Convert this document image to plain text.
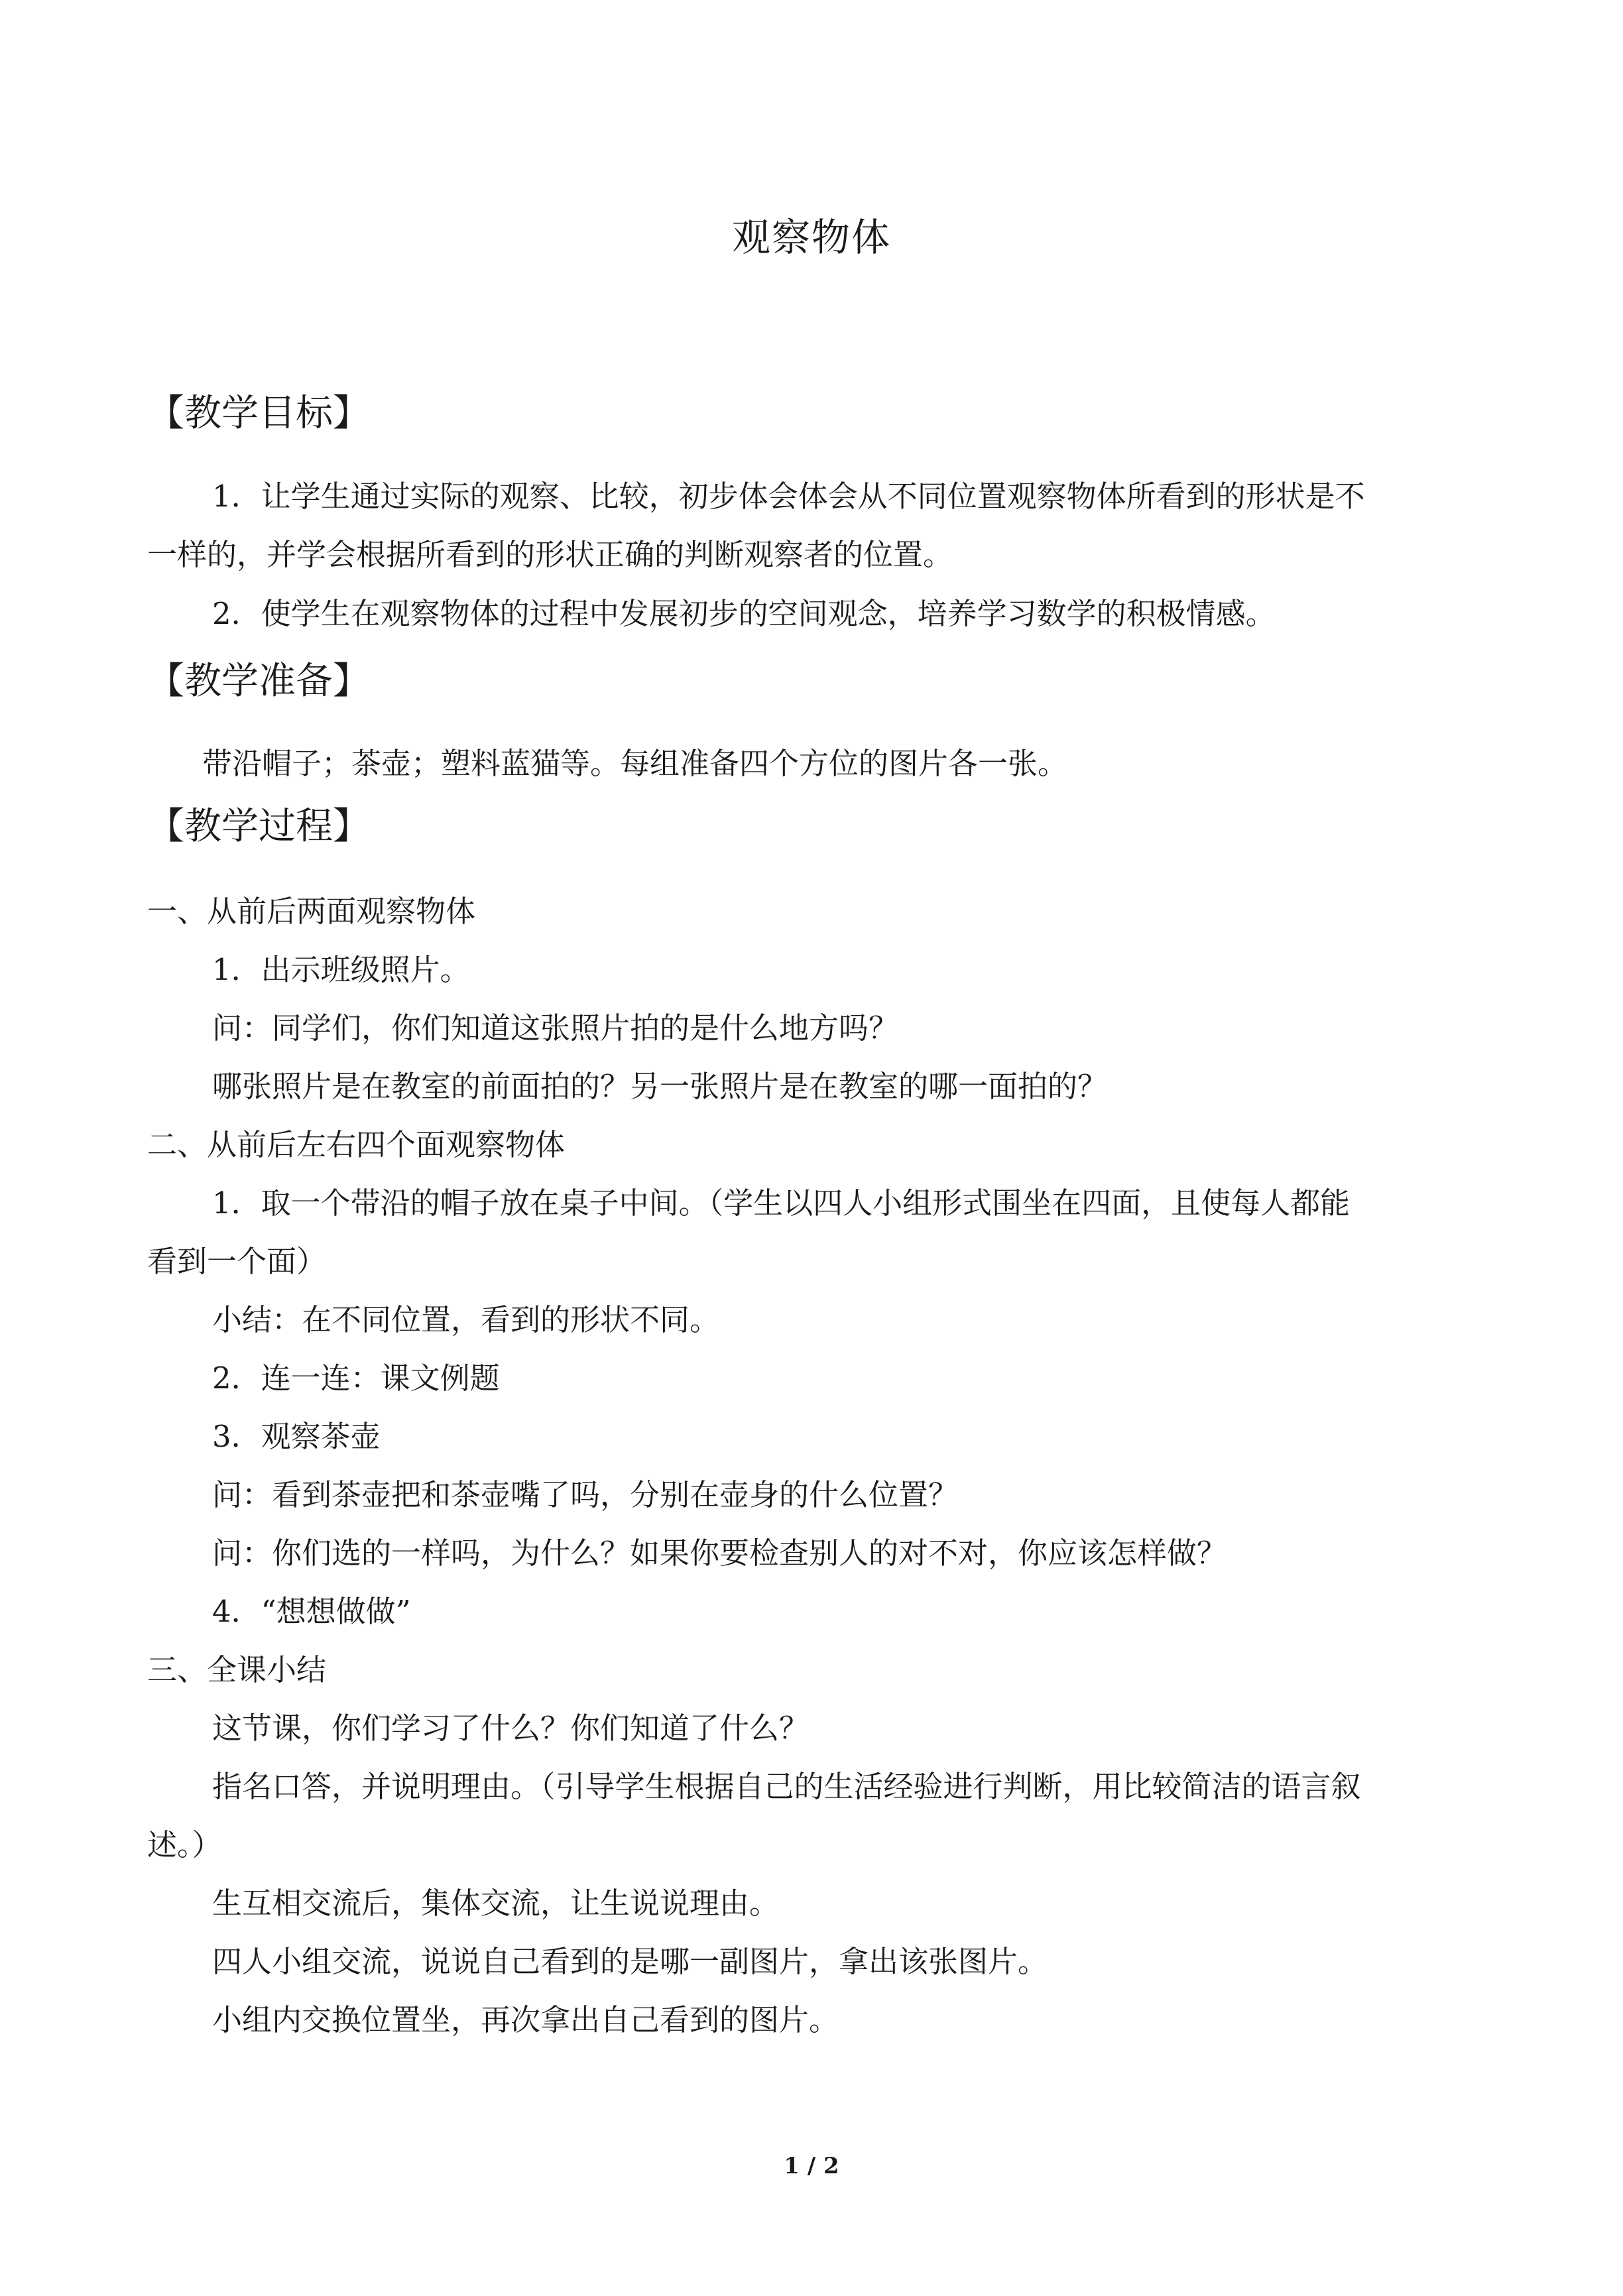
观察物体
【教学目标】
1．让学生通过实际的观察、比较，初步体会体会从不同位置观察物体所看到的形状是不
一样的，并学会根据所看到的形状正确的判断观察者的位置。
2．使学生在观察物体的过程中发展初步的空间观念，培养学习数学的积极情感。
【教学准备】
带沿帽子；茶壶；塑料蓝猫等。每组准备四个方位的图片各一张。
【教学过程】
一、从前后两面观察物体
1．出示班级照片。
问：同学们，你们知道这张照片拍的是什么地方吗？
哪张照片是在教室的前面拍的？另一张照片是在教室的哪一面拍的？
二、从前后左右四个面观察物体
1．取一个带沿的帽子放在桌子中间。（学生以四人小组形式围坐在四面，且使每人都能
看到一个面）
小结：在不同位置，看到的形状不同。
2．连一连：课文例题
3．观察茶壶
问：看到茶壶把和茶壶嘴了吗，分别在壶身的什么位置？
问：你们选的一样吗，为什么？如果你要检查别人的对不对，你应该怎样做？
4．“想想做做”
三、全课小结
这节课，你们学习了什么？你们知道了什么？
指名口答，并说明理由。（引导学生根据自己的生活经验进行判断，用比较简洁的语言叙
述。）
生互相交流后，集体交流，让生说说理由。
四人小组交流，说说自己看到的是哪一副图片，拿出该张图片。
小组内交换位置坐，再次拿出自己看到的图片。
1 / 2
